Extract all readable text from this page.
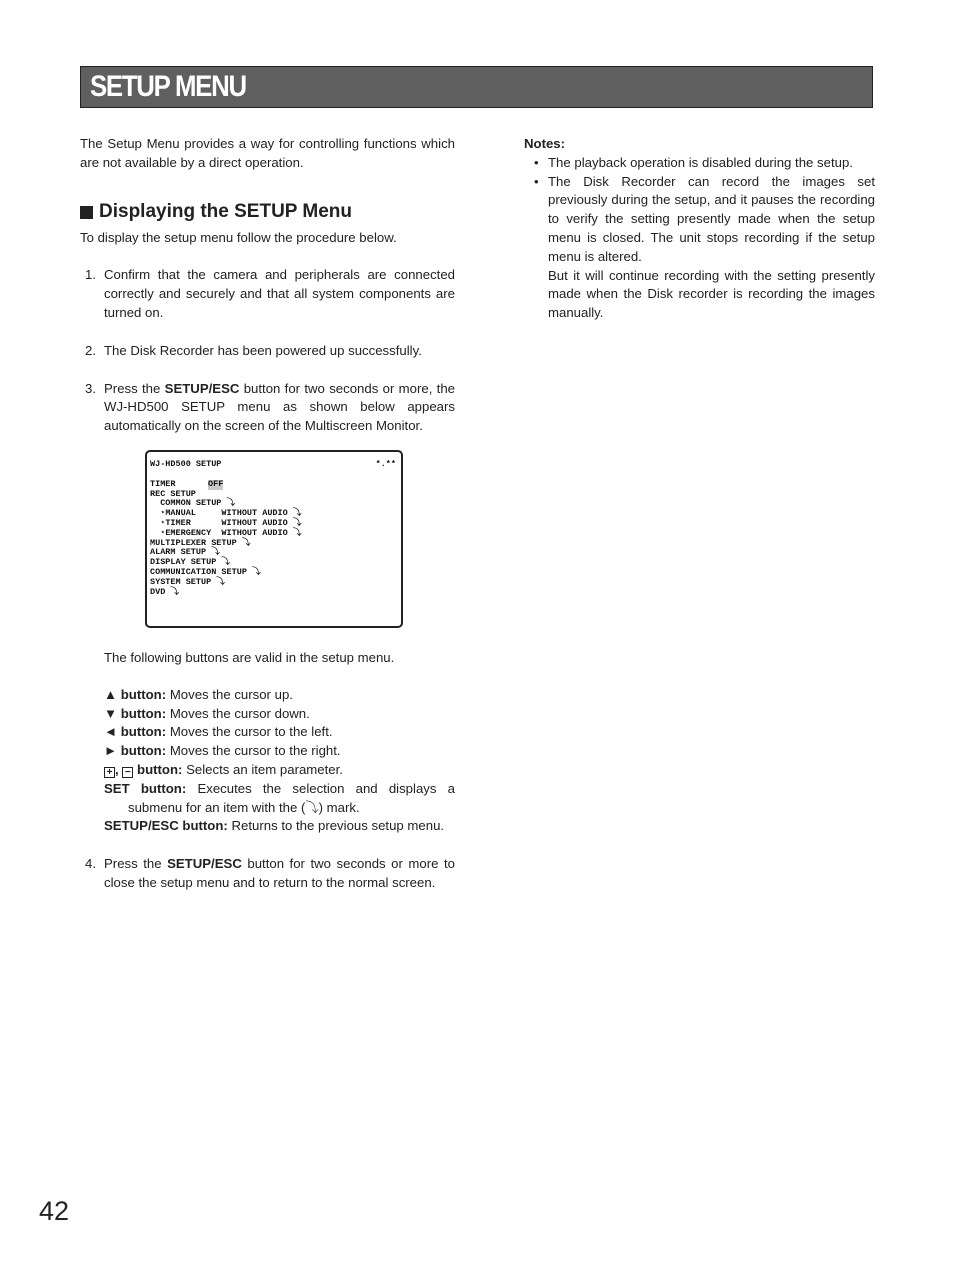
SETUP MENU

The Setup Menu provides a way for controlling functions which are not available by a direct operation.

Displaying the SETUP Menu

To display the setup menu follow the procedure below.

1. Confirm that the camera and peripherals are connected correctly and securely and that all system components are turned on.
2. The Disk Recorder has been powered up successfully.
3. Press the SETUP/ESC button for two seconds or more, the WJ-HD500 SETUP menu as shown below appears automatically on the screen of the Multiscreen Monitor.
WJ-HD500 SETUP	*.**
TIMER	OFF
REC SETUP
COMMON SETUP ⤵
⋆MANUAL     WITHOUT AUDIO ⤵
⋆TIMER      WITHOUT AUDIO ⤵
⋆EMERGENCY  WITHOUT AUDIO ⤵
MULTIPLEXER SETUP ⤵
ALARM SETUP ⤵
DISPLAY SETUP ⤵
COMMUNICATION SETUP ⤵
SYSTEM SETUP ⤵
DVD ⤵

The following buttons are valid in the setup menu.

▲ button: Moves the cursor up.
▼ button: Moves the cursor down.
◄ button: Moves the cursor to the left.
► button: Moves the cursor to the right.
+ , − button: Selects an item parameter.
SET button: Executes the selection and displays a submenu for an item with the (⤵) mark.
SETUP/ESC button: Returns to the previous setup menu.
4. Press the SETUP/ESC button for two seconds or more to close the setup menu and to return to the normal screen.

Notes:

• The playback operation is disabled during the setup.
• The Disk Recorder can record the images set previously during the setup, and it pauses the recording to verify the setting presently made when the setup menu is closed. The unit stops recording if the setup menu is altered.
But it will continue recording with the setting presently made when the Disk recorder is recording the images manually.
42
